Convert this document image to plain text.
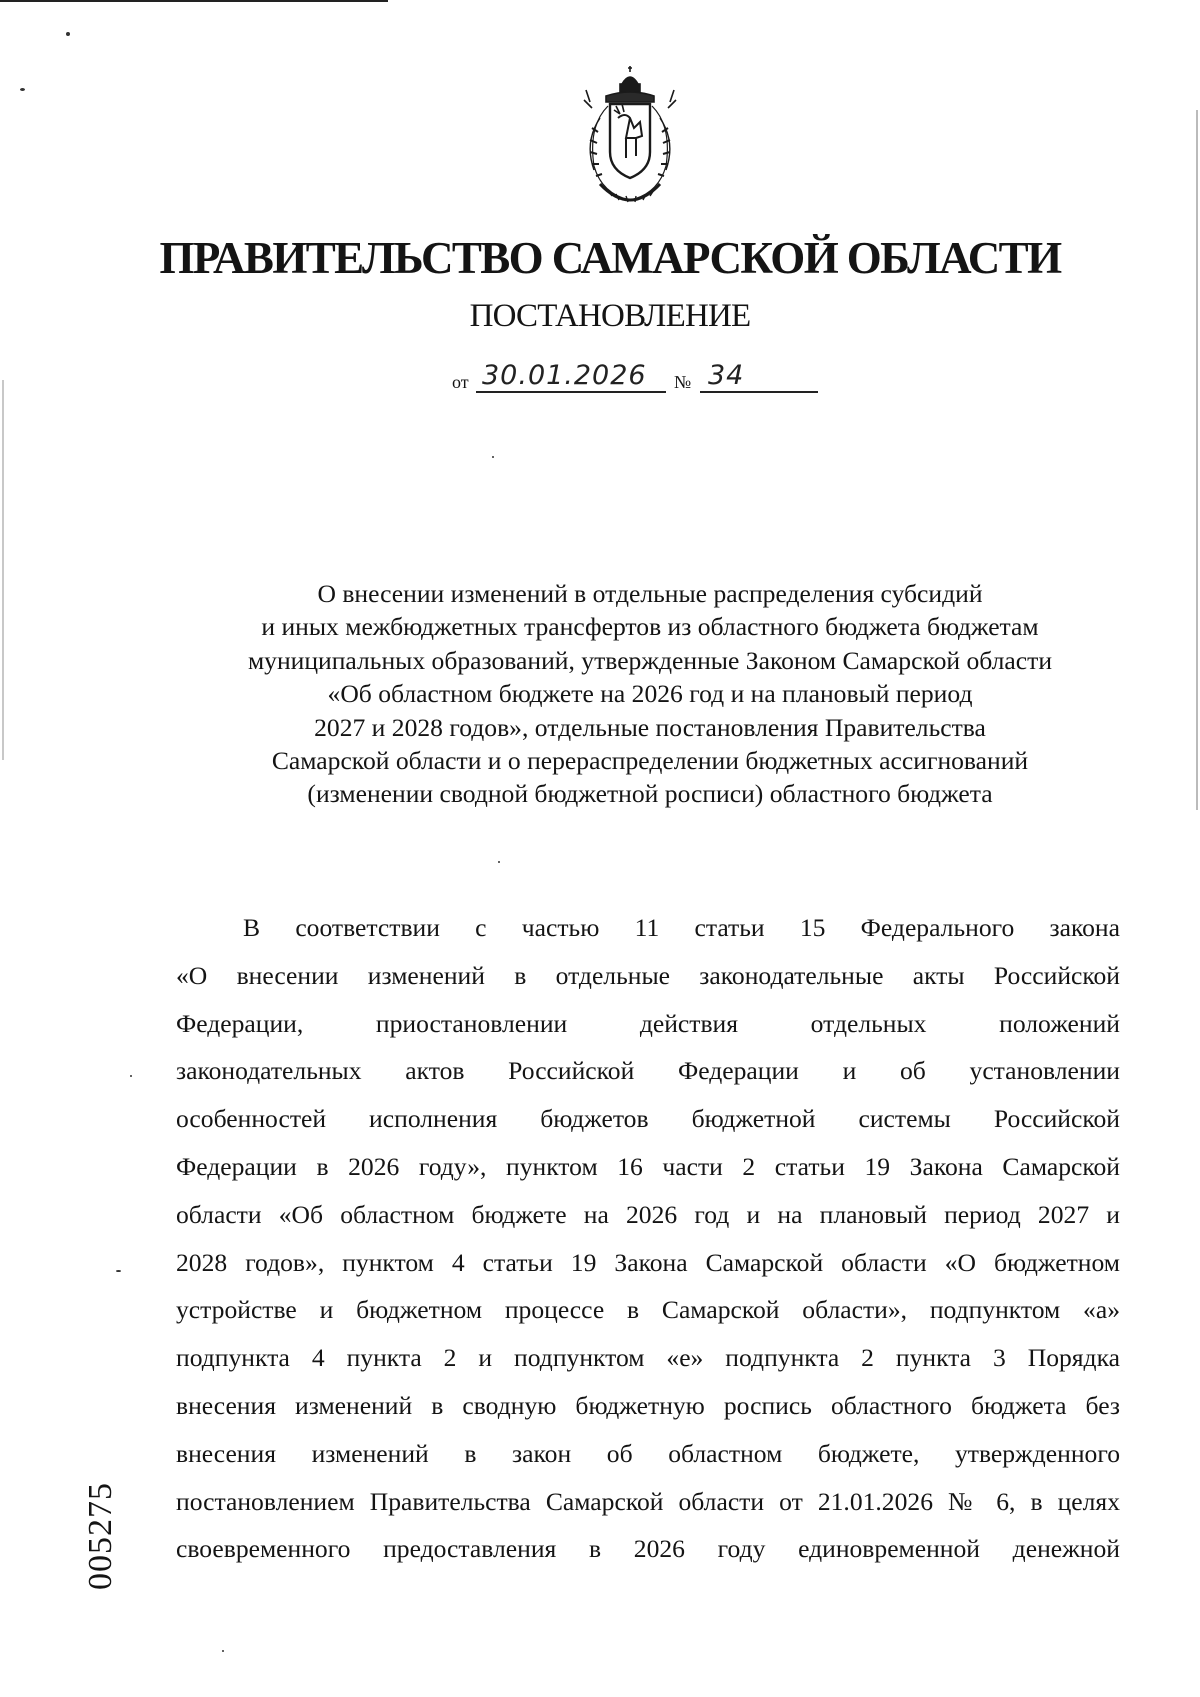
ПРАВИТЕЛЬСТВО САМАРСКОЙ ОБЛАСТИ
ПОСТАНОВЛЕНИЕ
от 30.01.2026 № 34
О внесении изменений в отдельные распределения субсидий
и иных межбюджетных трансфертов из областного бюджета бюджетам
муниципальных образований, утвержденные Законом Самарской области
«Об областном бюджете на 2026 год и на плановый период
2027 и 2028 годов», отдельные постановления Правительства
Самарской области и о перераспределении бюджетных ассигнований
(изменении сводной бюджетной росписи) областного бюджета
В соответствии с частью 11 статьи 15 Федерального закона
«О внесении изменений в отдельные законодательные акты Российской
Федерации, приостановлении действия отдельных положений
законодательных актов Российской Федерации и об установлении
особенностей исполнения бюджетов бюджетной системы Российской
Федерации в 2026 году», пунктом 16 части 2 статьи 19 Закона Самарской
области «Об областном бюджете на 2026 год и на плановый период 2027 и
2028 годов», пунктом 4 статьи 19 Закона Самарской области «О бюджетном
устройстве и бюджетном процессе в Самарской области», подпунктом «а»
подпункта 4 пункта 2 и подпунктом «е» подпункта 2 пункта 3 Порядка
внесения изменений в сводную бюджетную роспись областного бюджета без
внесения изменений в закон об областном бюджете, утвержденного
постановлением Правительства Самарской области от 21.01.2026 № 6, в целях
своевременного предоставления в 2026 году единовременной денежной
005275
